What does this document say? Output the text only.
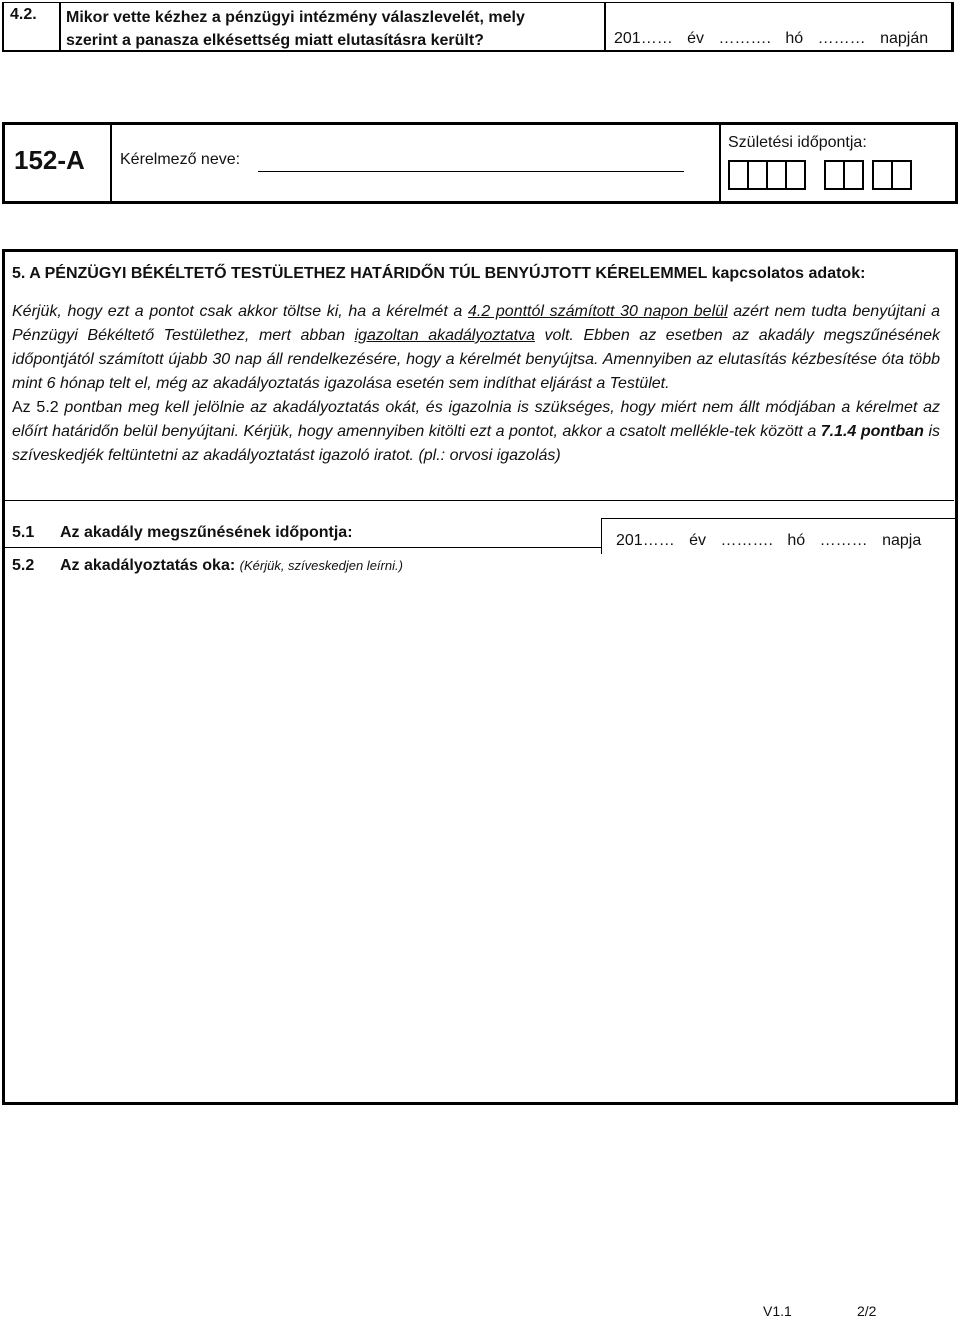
4.2. Mikor vette kézhez a pénzügyi intézmény válaszlevelét, mely
szerint a panasza elkésettség miatt elutasításra került?	201…… év ………. hó ……… napján
152-A Kérelmező neve:
Születési időpontja:
5. A PÉNZÜGYI BÉKÉLTETŐ TESTÜLETHEZ HATÁRIDŐN TÚL BENYÚJTOTT KÉRELEMMEL kapcsolatos adatok:
Kérjük, hogy ezt a pontot csak akkor töltse ki, ha a kérelmét a 4.2 ponttól számított 30 napon belül azért nem tudta benyújtani a Pénzügyi Békéltető Testülethez, mert abban igazoltan akadályoztatva volt. Ebben az esetben az akadály megszűnésének időpontjától számított újabb 30 nap áll rendelkezésére, hogy a kérelmét benyújtsa. Amennyiben az elutasítás kézbesítése óta több mint 6 hónap telt el, még az akadályoztatás igazolása esetén sem indíthat eljárást a Testület.
Az 5.2 pontban meg kell jelölnie az akadályoztatás okát, és igazolnia is szükséges, hogy miért nem állt módjában a kérelmet az előírt határidőn belül benyújtani. Kérjük, hogy amennyiben kitölti ezt a pontot, akkor a csatolt mellékle-tek között a 7.1.4 pontban is szíveskedjék feltüntetni az akadályoztatást igazoló iratot. (pl.: orvosi igazolás)
5.1 Az akadály megszűnésének időpontja:	201…… év ………. hó ……… napja
5.2 Az akadályoztatás oka: (Kérjük, szíveskedjen leírni.)
V1.1	2/2
